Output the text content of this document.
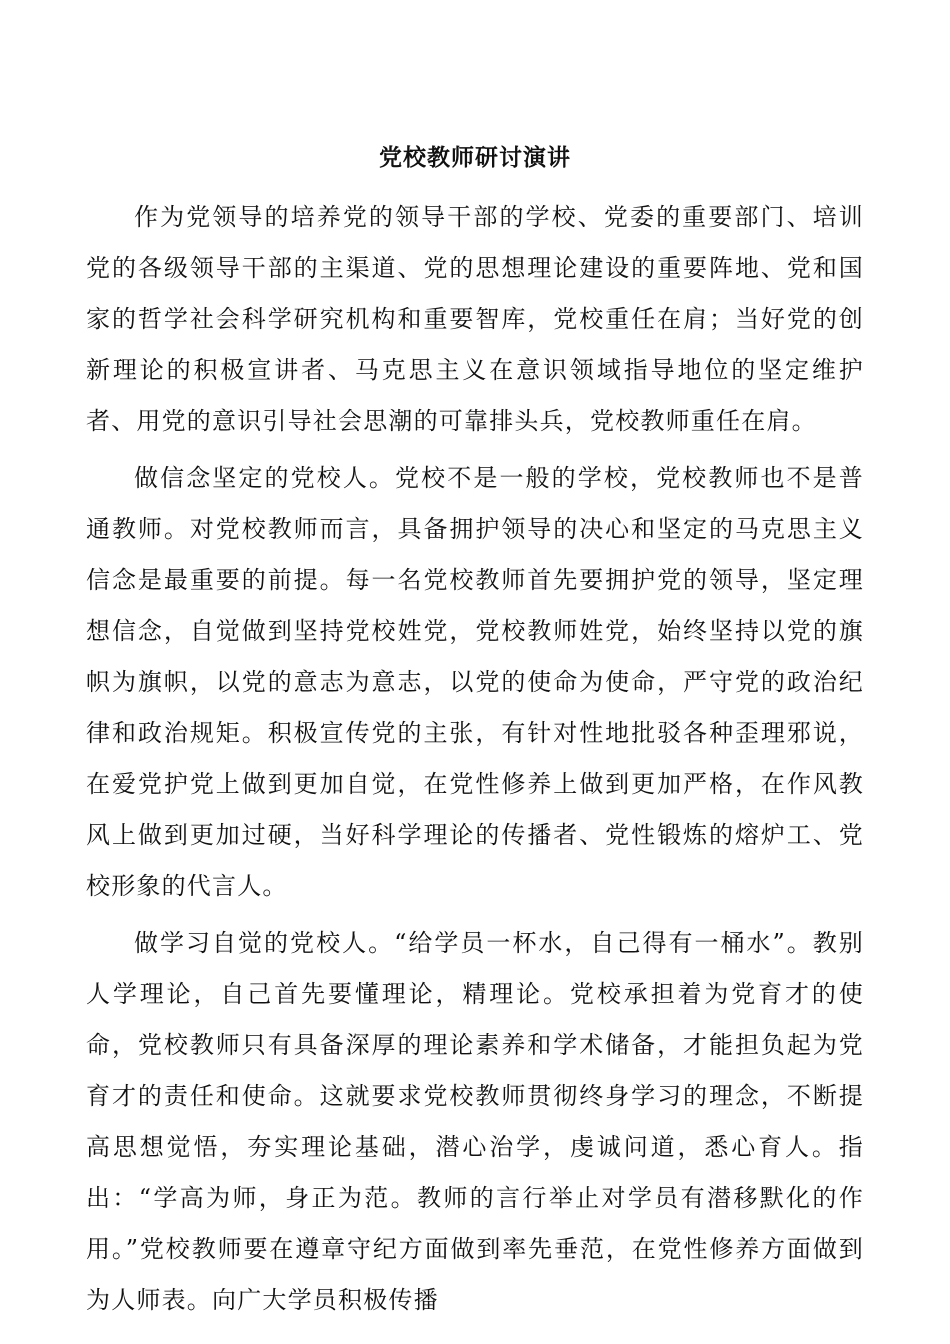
党校教师研讨演讲

作为党领导的培养党的领导干部的学校、党委的重要部门、培训党的各级领导干部的主渠道、党的思想理论建设的重要阵地、党和国家的哲学社会科学研究机构和重要智库，党校重任在肩；当好党的创新理论的积极宣讲者、马克思主义在意识领域指导地位的坚定维护者、用党的意识引导社会思潮的可靠排头兵，党校教师重任在肩。

做信念坚定的党校人。党校不是一般的学校，党校教师也不是普通教师。对党校教师而言，具备拥护领导的决心和坚定的马克思主义信念是最重要的前提。每一名党校教师首先要拥护党的领导，坚定理想信念，自觉做到坚持党校姓党，党校教师姓党，始终坚持以党的旗帜为旗帜，以党的意志为意志，以党的使命为使命，严守党的政治纪律和政治规矩。积极宣传党的主张，有针对性地批驳各种歪理邪说，在爱党护党上做到更加自觉，在党性修养上做到更加严格，在作风教风上做到更加过硬，当好科学理论的传播者、党性锻炼的熔炉工、党校形象的代言人。

做学习自觉的党校人。“给学员一杯水，自己得有一桶水”。教别人学理论，自己首先要懂理论，精理论。党校承担着为党育才的使命，党校教师只有具备深厚的理论素养和学术储备，才能担负起为党育才的责任和使命。这就要求党校教师贯彻终身学习的理念，不断提高思想觉悟，夯实理论基础，潜心治学，虔诚问道，悉心育人。指出：“学高为师，身正为范。教师的言行举止对学员有潜移默化的作用。”党校教师要在遵章守纪方面做到率先垂范，在党性修养方面做到为人师表。向广大学员积极传播
